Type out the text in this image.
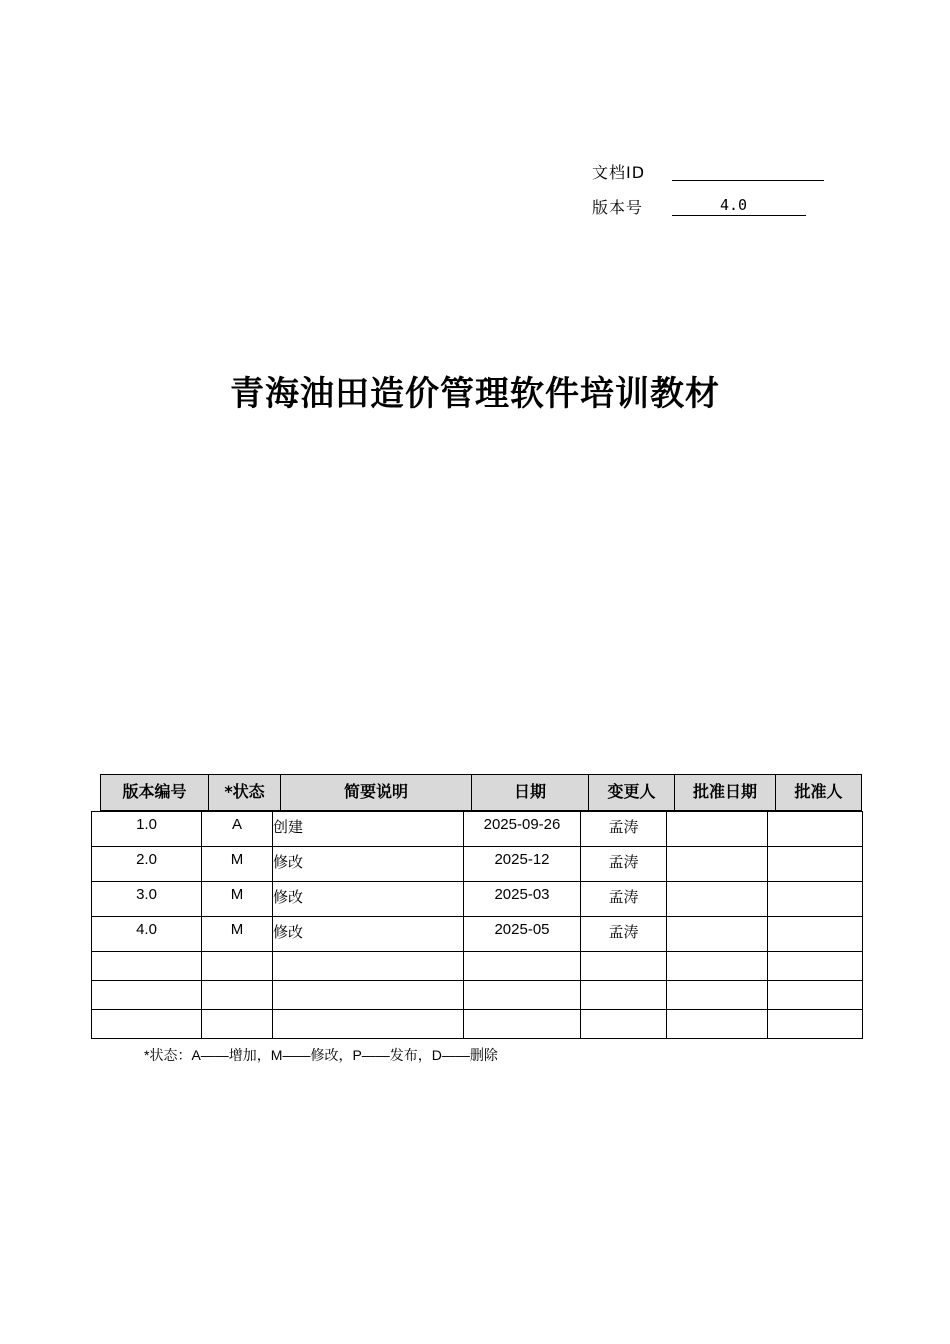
文档ID
版本号	4.0
青海油田造价管理软件培训教材
版本编号	*状态	简要说明	日期	变更人	批准日期	批准人
1.0	A	创建	2025-09-26	孟涛		
2.0	M	修改	2025-12	孟涛		
3.0	M	修改	2025-03	孟涛		
4.0	M	修改	2025-05	孟涛		

*状态：A——增加，M——修改，P——发布，D——删除
